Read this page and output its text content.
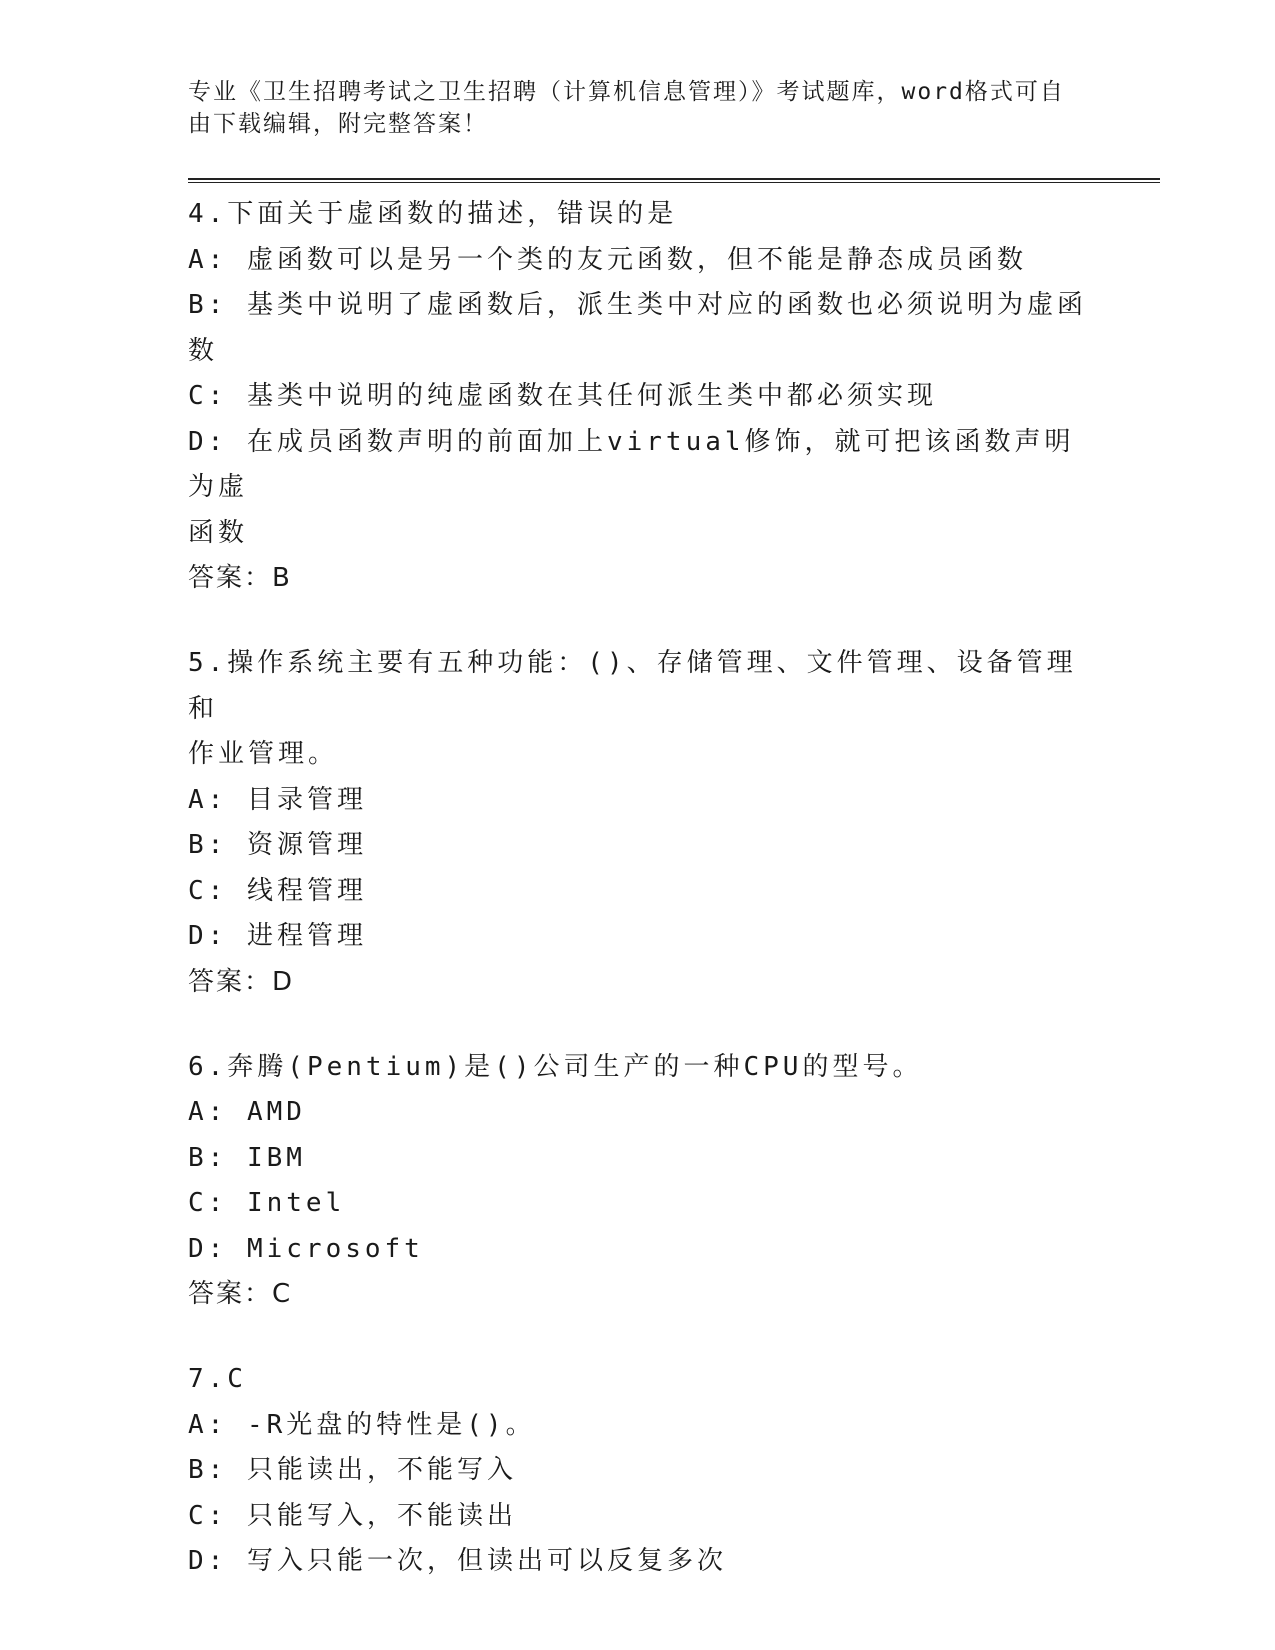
专业《卫生招聘考试之卫生招聘（计算机信息管理）》考试题库，word格式可自
由下载编辑，附完整答案！
4.下面关于虚函数的描述，错误的是
A: 虚函数可以是另一个类的友元函数，但不能是静态成员函数
B: 基类中说明了虚函数后，派生类中对应的函数也必须说明为虚函数
C: 基类中说明的纯虚函数在其任何派生类中都必须实现
D: 在成员函数声明的前面加上virtual修饰，就可把该函数声明为虚
函数
答案：B
5.操作系统主要有五种功能：()、存储管理、文件管理、设备管理和
作业管理。
A: 目录管理
B: 资源管理
C: 线程管理
D: 进程管理
答案：D
6.奔腾(Pentium)是()公司生产的一种CPU的型号。
A: AMD
B: IBM
C: Intel
D: Microsoft
答案：C
7.C
A: -R光盘的特性是()。
B: 只能读出，不能写入
C: 只能写入，不能读出
D: 写入只能一次，但读出可以反复多次
